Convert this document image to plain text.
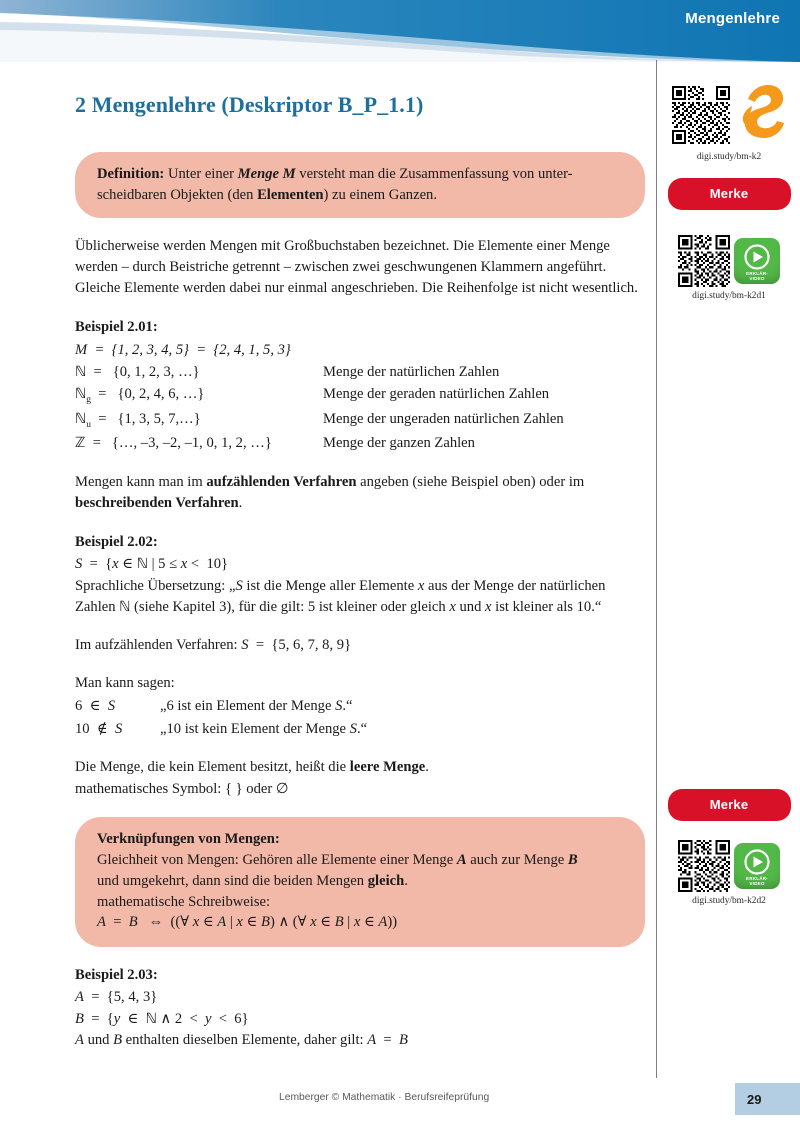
Mengenlehre
2 Mengenlehre (Deskriptor B_P_1.1)

Definition: Unter einer Menge M versteht man die Zusammenfassung von unter-scheidbaren Objekten (den Elementen) zu einem Ganzen.

Üblicherweise werden Mengen mit Großbuchstaben bezeichnet. Die Elemente einer Menge werden – durch Beistriche getrennt – zwischen zwei geschwungenen Klammern angeführt. Gleiche Elemente werden dabei nur einmal angeschrieben. Die Reihenfolge ist nicht wesentlich.

Beispiel 2.01:
M  =  {1, 2, 3, 4, 5}  =  {2, 4, 1, 5, 3}
ℕ  =   {0, 1, 2, 3, …}	Menge der natürlichen Zahlen
ℕ$_g$  =   {0, 2, 4, 6, …}	Menge der geraden natürlichen Zahlen
ℕ$_u$  =   {1, 3, 5, 7,…}	Menge der ungeraden natürlichen Zahlen
ℤ  =   {…, –3, –2, –1, 0, 1, 2, …}	Menge der ganzen Zahlen

Mengen kann man im aufzählenden Verfahren angeben (siehe Beispiel oben) oder im beschreibenden Verfahren.

Beispiel 2.02:
S  =  {x ∈ ℕ | 5 ≤ x <  10}
Sprachliche Übersetzung: „S ist die Menge aller Elemente x aus der Menge der natürlichen Zahlen ℕ (siehe Kapitel 3), für die gilt: 5 ist kleiner oder gleich x und x ist kleiner als 10.“
Im aufzählenden Verfahren: S  =  {5, 6, 7, 8, 9}
Man kann sagen:
6  ∈  S	„6 ist ein Element der Menge S.“
10  ∉  S	„10 ist kein Element der Menge S.“
Die Menge, die kein Element besitzt, heißt die leere Menge.
mathematisches Symbol: { } oder ∅

Verknüpfungen von Mengen:

Gleichheit von Mengen: Gehören alle Elemente einer Menge A auch zur Menge B

und umgekehrt, dann sind die beiden Mengen gleich.

mathematische Schreibweise:

A  =  B   ⇔  ((∀ x ∈ A | x ∈ B) ∧ (∀ x ∈ B | x ∈ A))

Beispiel 2.03:
A  =  {5, 4, 3}
B  =  {y  ∈  ℕ ∧ 2  <  y  <  6}
A und B enthalten dieselben Elemente, daher gilt: A  =  B
digi.study/bm-k2
Merke
ERKLÄR-
VIDEO
digi.study/bm-k2d1
Merke
ERKLÄR-
VIDEO
digi.study/bm-k2d2
Lemberger © Mathematik · Berufsreifeprüfung	29
